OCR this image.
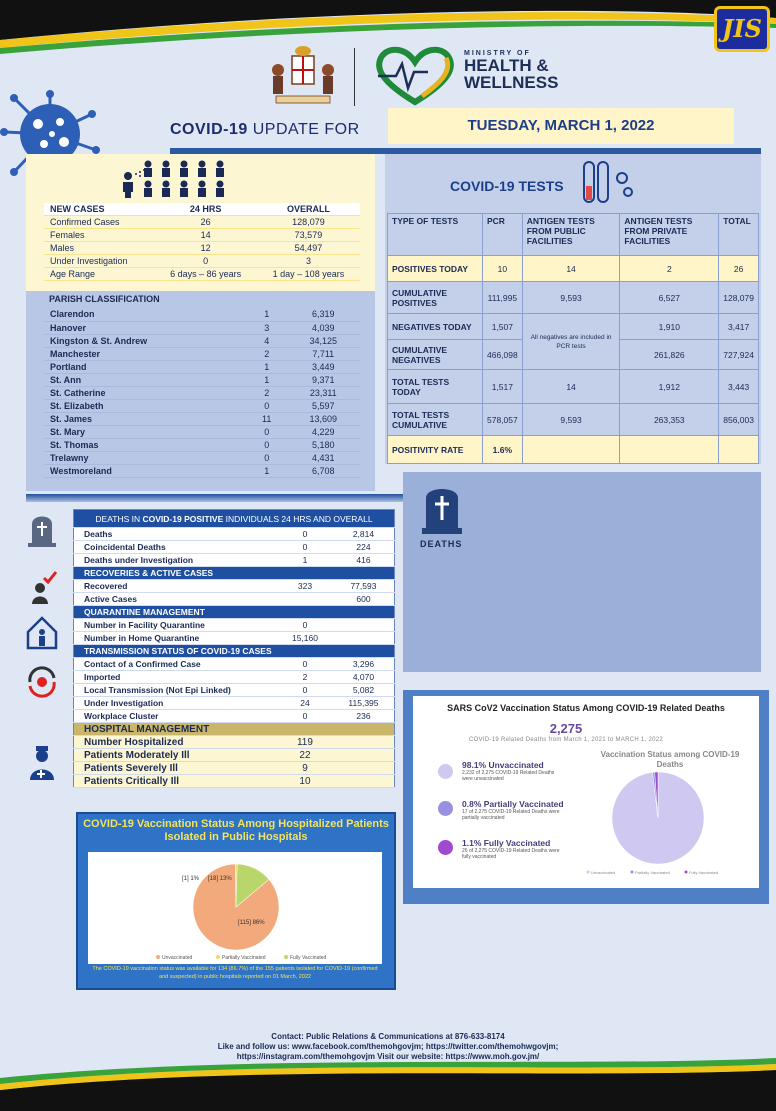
JIS
MINISTRY OF
HEALTH &
WELLNESS
COVID-19 UPDATE FOR	TUESDAY, MARCH 1, 2022
NEW CASES	24 HRS	OVERALL
Confirmed Cases	26	128,079
Females	14	73,579
Males	12	54,497
Under Investigation	0	3
Age Range	6 days – 86 years	1 day – 108 years
PARISH CLASSIFICATION
Clarendon	1	6,319
Hanover	3	4,039
Kingston & St. Andrew	4	34,125
Manchester	2	7,711
Portland	1	3,449
St. Ann	1	9,371
St. Catherine	2	23,311
St. Elizabeth	0	5,597
St. James	11	13,609
St. Mary	0	4,229
St. Thomas	0	5,180
Trelawny	0	4,431
Westmoreland	1	6,708
COVID-19 TESTS
TYPE OF TESTS	PCR	ANTIGEN TESTS FROM PUBLIC FACILITIES	ANTIGEN TESTS FROM PRIVATE FACILITIES	TOTAL
POSITIVES TODAY	10	14	2	26
CUMULATIVE POSITIVES	111,995	9,593	6,527	128,079
NEGATIVES TODAY	1,507	All negatives are included in PCR tests	1,910	3,417
CUMULATIVE NEGATIVES	466,098		261,826	727,924
TOTAL TESTS TODAY	1,517	14	1,912	3,443
TOTAL TESTS CUMULATIVE	578,057	9,593	263,353	856,003
POSITIVITY RATE	1.6%			
DEATHS
DEATHS IN COVID-19 POSITIVE INDIVIDUALS 24 HRS AND OVERALL		
Deaths	0	2,814
Coincidental Deaths	0	224
Deaths under Investigation	1	416
RECOVERIES & ACTIVE CASES		
Recovered	323	77,593
Active Cases		600
QUARANTINE MANAGEMENT		
Number in Facility Quarantine	0	
Number in Home Quarantine	15,160	
TRANSMISSION STATUS OF COVID-19 CASES		
Contact of a Confirmed Case	0	3,296
Imported	2	4,070
Local Transmission (Not Epi Linked)	0	5,082
Under Investigation	24	115,395
Workplace Cluster	0	236
HOSPITAL MANAGEMENT		
Number Hospitalized	119	
Patients Moderately Ill	22	
Patients Severely Ill	9	
Patients Critically Ill	10	
COVID-19 Vaccination Status Among Hospitalized Patients Isolated in Public Hospitals
[115] 86%
[1] 1% [18] 13%
Unvaccinated	Partially Vaccinated	Fully Vaccinated
The COVID-19 vaccination status was available for 134 (86.7%) of the 155 patients isolated for COVID-19 (confirmed and suspected) in public hospitals reported on 01 March, 2022
SARS CoV2 Vaccination Status Among COVID-19 Related Deaths
2,275
COVID-19 Related Deaths from March 1, 2021 to MARCH 1, 2022
Vaccination Status among COVID-19 Deaths
98.1% Unvaccinated
2,232 of 2,275 COVID-19 Related Deaths were unvaccinated
0.8% Partially Vaccinated
17 of 2,275 COVID-19 Related Deaths were partially vaccinated
1.1% Fully Vaccinated
26 of 2,275 COVID-19 Related Deaths were fully vaccinated
Unvaccinated	Partially Vaccinated	Fully Vaccinated
Contact: Public Relations & Communications at 876-633-8174
Like and follow us: www.facebook.com/themohgovjm; https://twitter.com/themohwgovjm;
https://instagram.com/themohgovjm Visit our website: https://www.moh.gov.jm/
